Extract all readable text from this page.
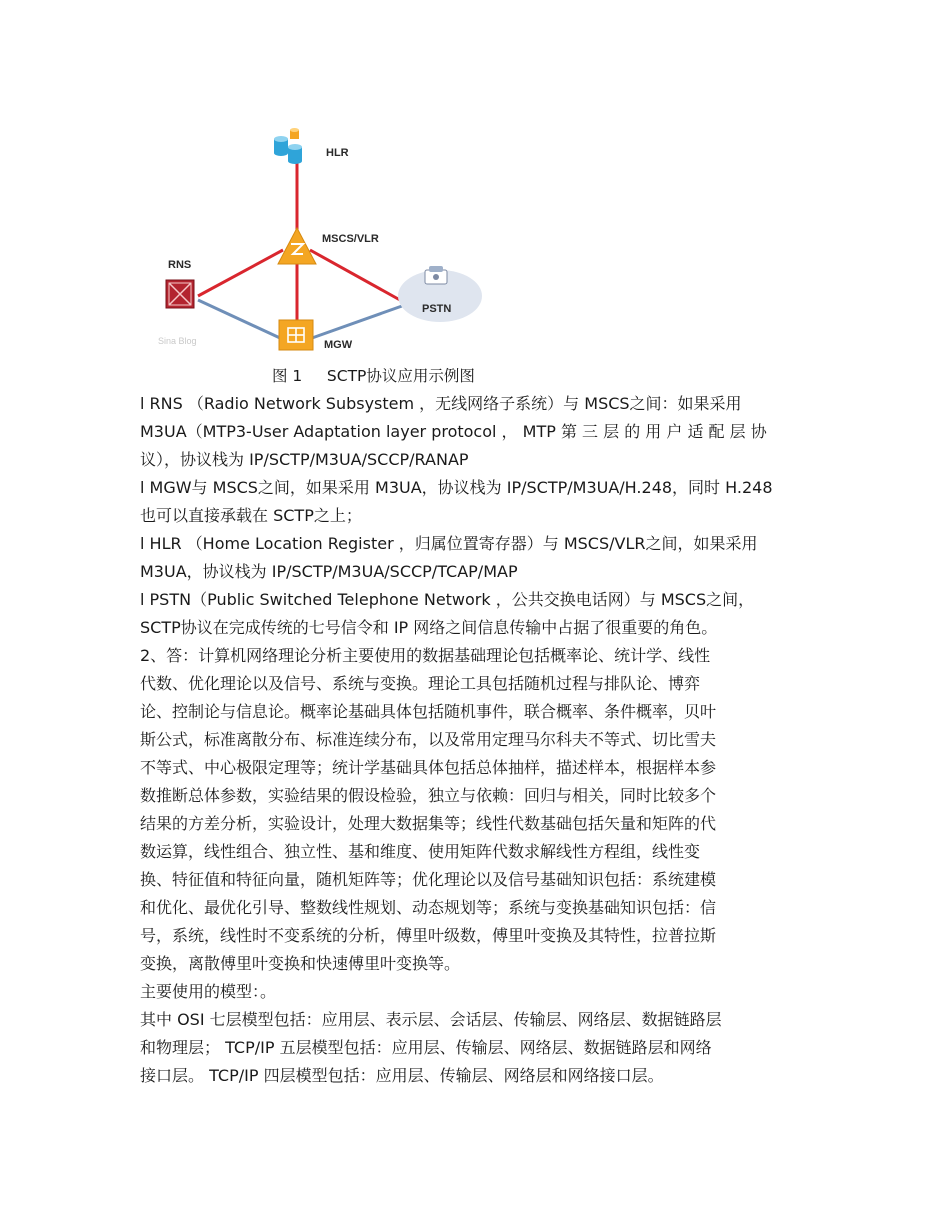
HLR
MSCS/VLR
RNS
Sina Blog
PSTN
MGW
图 1     SCTP协议应用示例图
l RNS （Radio Network Subsystem ，无线网络子系统）与 MSCS之间：如果采用
M3UA（MTP3-User Adaptation layer protocol ， MTP 第 三 层 的 用 户 适 配 层 协
议），协议栈为 IP/SCTP/M3UA/SCCP/RANAP
l MGW与 MSCS之间，如果采用 M3UA，协议栈为 IP/SCTP/M3UA/H.248，同时 H.248
也可以直接承载在 SCTP之上；
l HLR （Home Location Register ，归属位置寄存器）与 MSCS/VLR之间，如果采用
M3UA，协议栈为 IP/SCTP/M3UA/SCCP/TCAP/MAP
l PSTN（Public Switched Telephone Network ，公共交换电话网）与 MSCS之间，
SCTP协议在完成传统的七号信令和 IP 网络之间信息传输中占据了很重要的角色。
2、答：计算机网络理论分析主要使用的数据基础理论包括概率论、统计学、线性
代数、优化理论以及信号、系统与变换。理论工具包括随机过程与排队论、博弈
论、控制论与信息论。概率论基础具体包括随机事件，联合概率、条件概率，贝叶
斯公式，标准离散分布、标准连续分布，以及常用定理马尔科夫不等式、切比雪夫
不等式、中心极限定理等；统计学基础具体包括总体抽样，描述样本，根据样本参
数推断总体参数，实验结果的假设检验，独立与依赖：回归与相关，同时比较多个
结果的方差分析，实验设计，处理大数据集等；线性代数基础包括矢量和矩阵的代
数运算，线性组合、独立性、基和维度、使用矩阵代数求解线性方程组，线性变
换、特征值和特征向量，随机矩阵等；优化理论以及信号基础知识包括：系统建模
和优化、最优化引导、整数线性规划、动态规划等；系统与变换基础知识包括：信
号，系统，线性时不变系统的分析，傅里叶级数，傅里叶变换及其特性，拉普拉斯
变换，离散傅里叶变换和快速傅里叶变换等。
主要使用的模型：。
其中 OSI 七层模型包括：应用层、表示层、会话层、传输层、网络层、数据链路层
和物理层； TCP/IP 五层模型包括：应用层、传输层、网络层、数据链路层和网络
接口层。 TCP/IP 四层模型包括：应用层、传输层、网络层和网络接口层。
